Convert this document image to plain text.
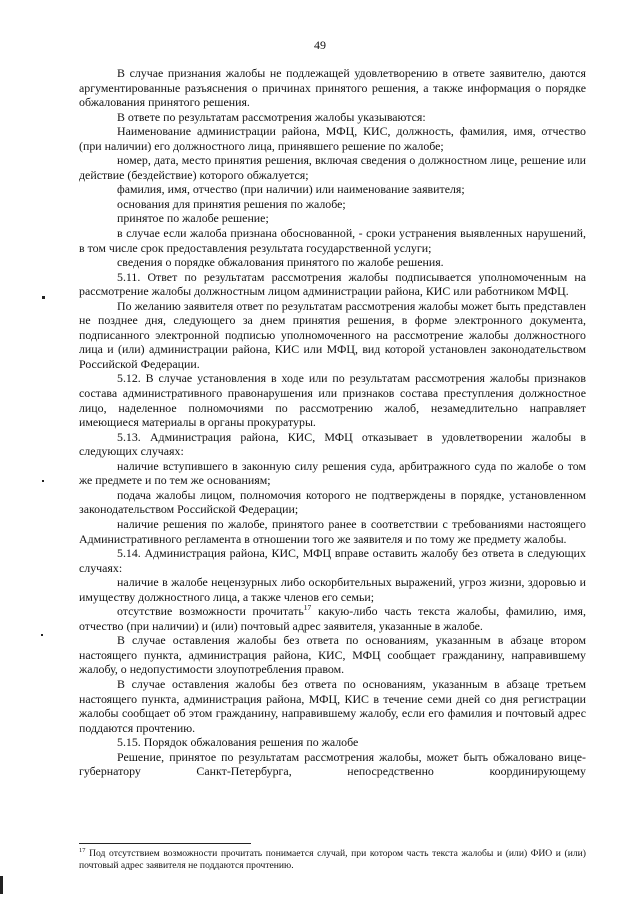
49

В случае признания жалобы не подлежащей удовлетворению в ответе заявителю, даются аргументированные разъяснения о причинах принятого решения, а также информация о порядке обжалования принятого решения.

В ответе по результатам рассмотрения жалобы указываются:

Наименование администрации района, МФЦ, КИС, должность, фамилия, имя, отчество (при наличии) его должностного лица, принявшего решение по жалобе;

номер, дата, место принятия решения, включая сведения о должностном лице, решение или действие (бездействие) которого обжалуется;

фамилия, имя, отчество (при наличии) или наименование заявителя;

основания для принятия решения по жалобе;

принятое по жалобе решение;

в случае если жалоба признана обоснованной, - сроки устранения выявленных нарушений, в том числе срок предоставления результата государственной услуги;

сведения о порядке обжалования принятого по жалобе решения.

5.11. Ответ по результатам рассмотрения жалобы подписывается уполномоченным на рассмотрение жалобы должностным лицом администрации района, КИС или работником МФЦ.

По желанию заявителя ответ по результатам рассмотрения жалобы может быть представлен не позднее дня, следующего за днем принятия решения, в форме электронного документа, подписанного электронной подписью уполномоченного на рассмотрение жалобы должностного лица и (или) администрации района, КИС или МФЦ, вид которой установлен законодательством Российской Федерации.

5.12. В случае установления в ходе или по результатам рассмотрения жалобы признаков состава административного правонарушения или признаков состава преступления должностное лицо, наделенное полномочиями по рассмотрению жалоб, незамедлительно направляет имеющиеся материалы в органы прокуратуры.

5.13. Администрация района, КИС, МФЦ отказывает в удовлетворении жалобы в следующих случаях:

наличие вступившего в законную силу решения суда, арбитражного суда по жалобе о том же предмете и по тем же основаниям;

подача жалобы лицом, полномочия которого не подтверждены в порядке, установленном законодательством Российской Федерации;

наличие решения по жалобе, принятого ранее в соответствии с требованиями настоящего Административного регламента в отношении того же заявителя и по тому же предмету жалобы.

5.14. Администрация района, КИС, МФЦ вправе оставить жалобу без ответа в следующих случаях:

наличие в жалобе нецензурных либо оскорбительных выражений, угроз жизни, здоровью и имуществу должностного лица, а также членов его семьи;

отсутствие возможности прочитать$^{17}$ какую-либо часть текста жалобы, фамилию, имя, отчество (при наличии) и (или) почтовый адрес заявителя, указанные в жалобе.

В случае оставления жалобы без ответа по основаниям, указанным в абзаце втором настоящего пункта, администрация района, КИС, МФЦ сообщает гражданину, направившему жалобу, о недопустимости злоупотребления правом.

В случае оставления жалобы без ответа по основаниям, указанным в абзаце третьем настоящего пункта, администрация района, МФЦ, КИС в течение семи дней со дня регистрации жалобы сообщает об этом гражданину, направившему жалобу, если его фамилия и почтовый адрес поддаются прочтению.

5.15. Порядок обжалования решения по жалобе

Решение, принятое по результатам рассмотрения жалобы, может быть обжаловано вице-губернатору Санкт-Петербурга, непосредственно координирующему

$^{17}$ Под отсутствием возможности прочитать понимается случай, при котором часть текста жалобы и (или) ФИО и (или) почтовый адрес заявителя не поддаются прочтению.
